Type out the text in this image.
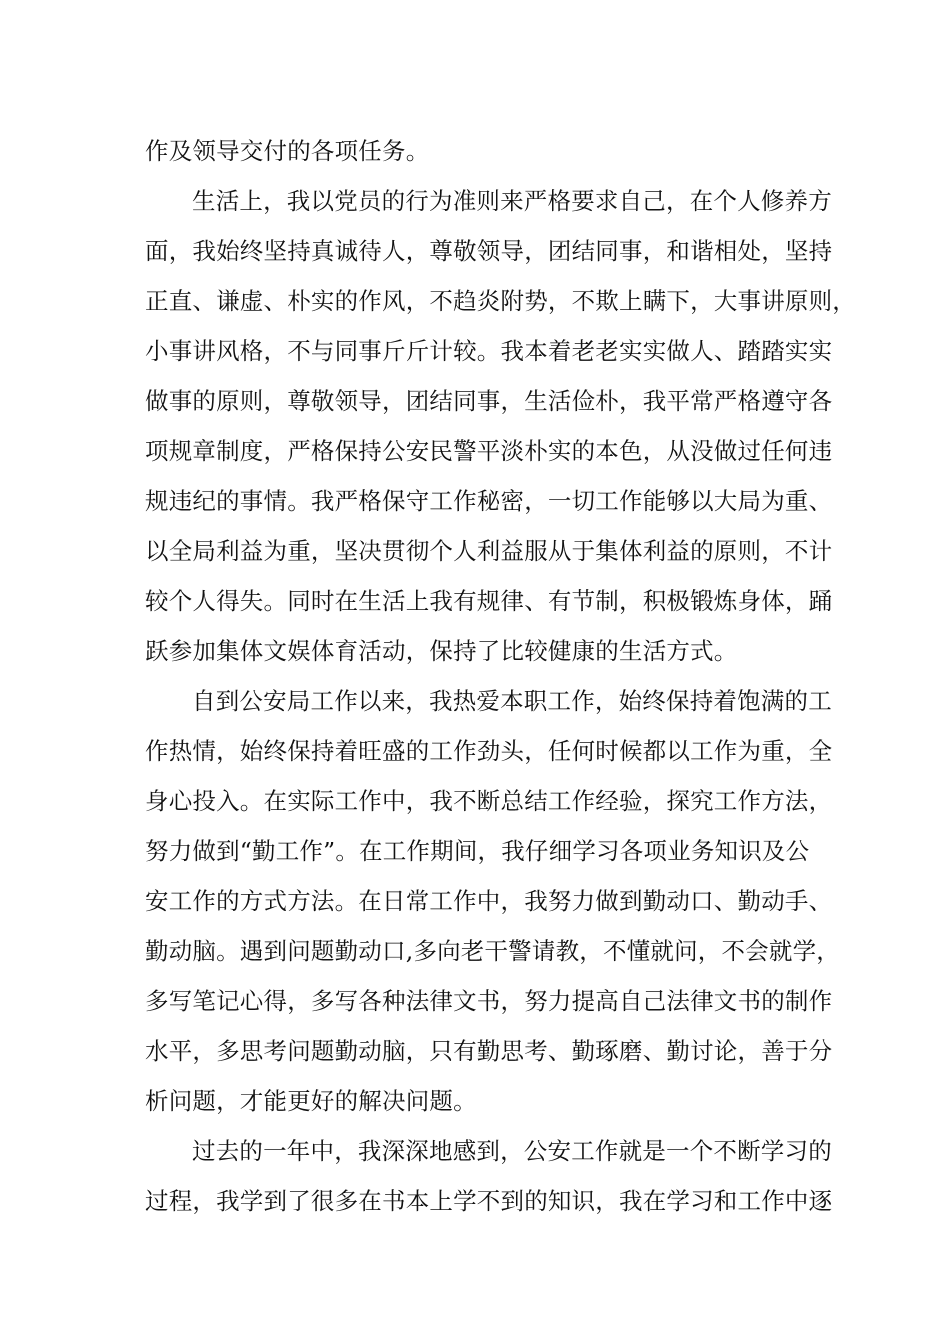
作及领导交付的各项任务。
生活上，我以党员的行为准则来严格要求自己，在个人修养方
面，我始终坚持真诚待人，尊敬领导，团结同事，和谐相处，坚持
正直、谦虚、朴实的作风，不趋炎附势，不欺上瞒下，大事讲原则，
小事讲风格，不与同事斤斤计较。我本着老老实实做人、踏踏实实
做事的原则，尊敬领导，团结同事，生活俭朴，我平常严格遵守各
项规章制度，严格保持公安民警平淡朴实的本色，从没做过任何违
规违纪的事情。我严格保守工作秘密，一切工作能够以大局为重、
以全局利益为重，坚决贯彻个人利益服从于集体利益的原则，不计
较个人得失。同时在生活上我有规律、有节制，积极锻炼身体，踊
跃参加集体文娱体育活动，保持了比较健康的生活方式。
自到公安局工作以来，我热爱本职工作，始终保持着饱满的工
作热情，始终保持着旺盛的工作劲头，任何时候都以工作为重，全
身心投入。在实际工作中，我不断总结工作经验，探究工作方法，
努力做到“勤工作”。在工作期间，我仔细学习各项业务知识及公
安工作的方式方法。在日常工作中，我努力做到勤动口、勤动手、
勤动脑。遇到问题勤动口,多向老干警请教，不懂就问，不会就学，
多写笔记心得，多写各种法律文书，努力提高自己法律文书的制作
水平，多思考问题勤动脑，只有勤思考、勤琢磨、勤讨论，善于分
析问题，才能更好的解决问题。
过去的一年中，我深深地感到，公安工作就是一个不断学习的
过程，我学到了很多在书本上学不到的知识，我在学习和工作中逐
